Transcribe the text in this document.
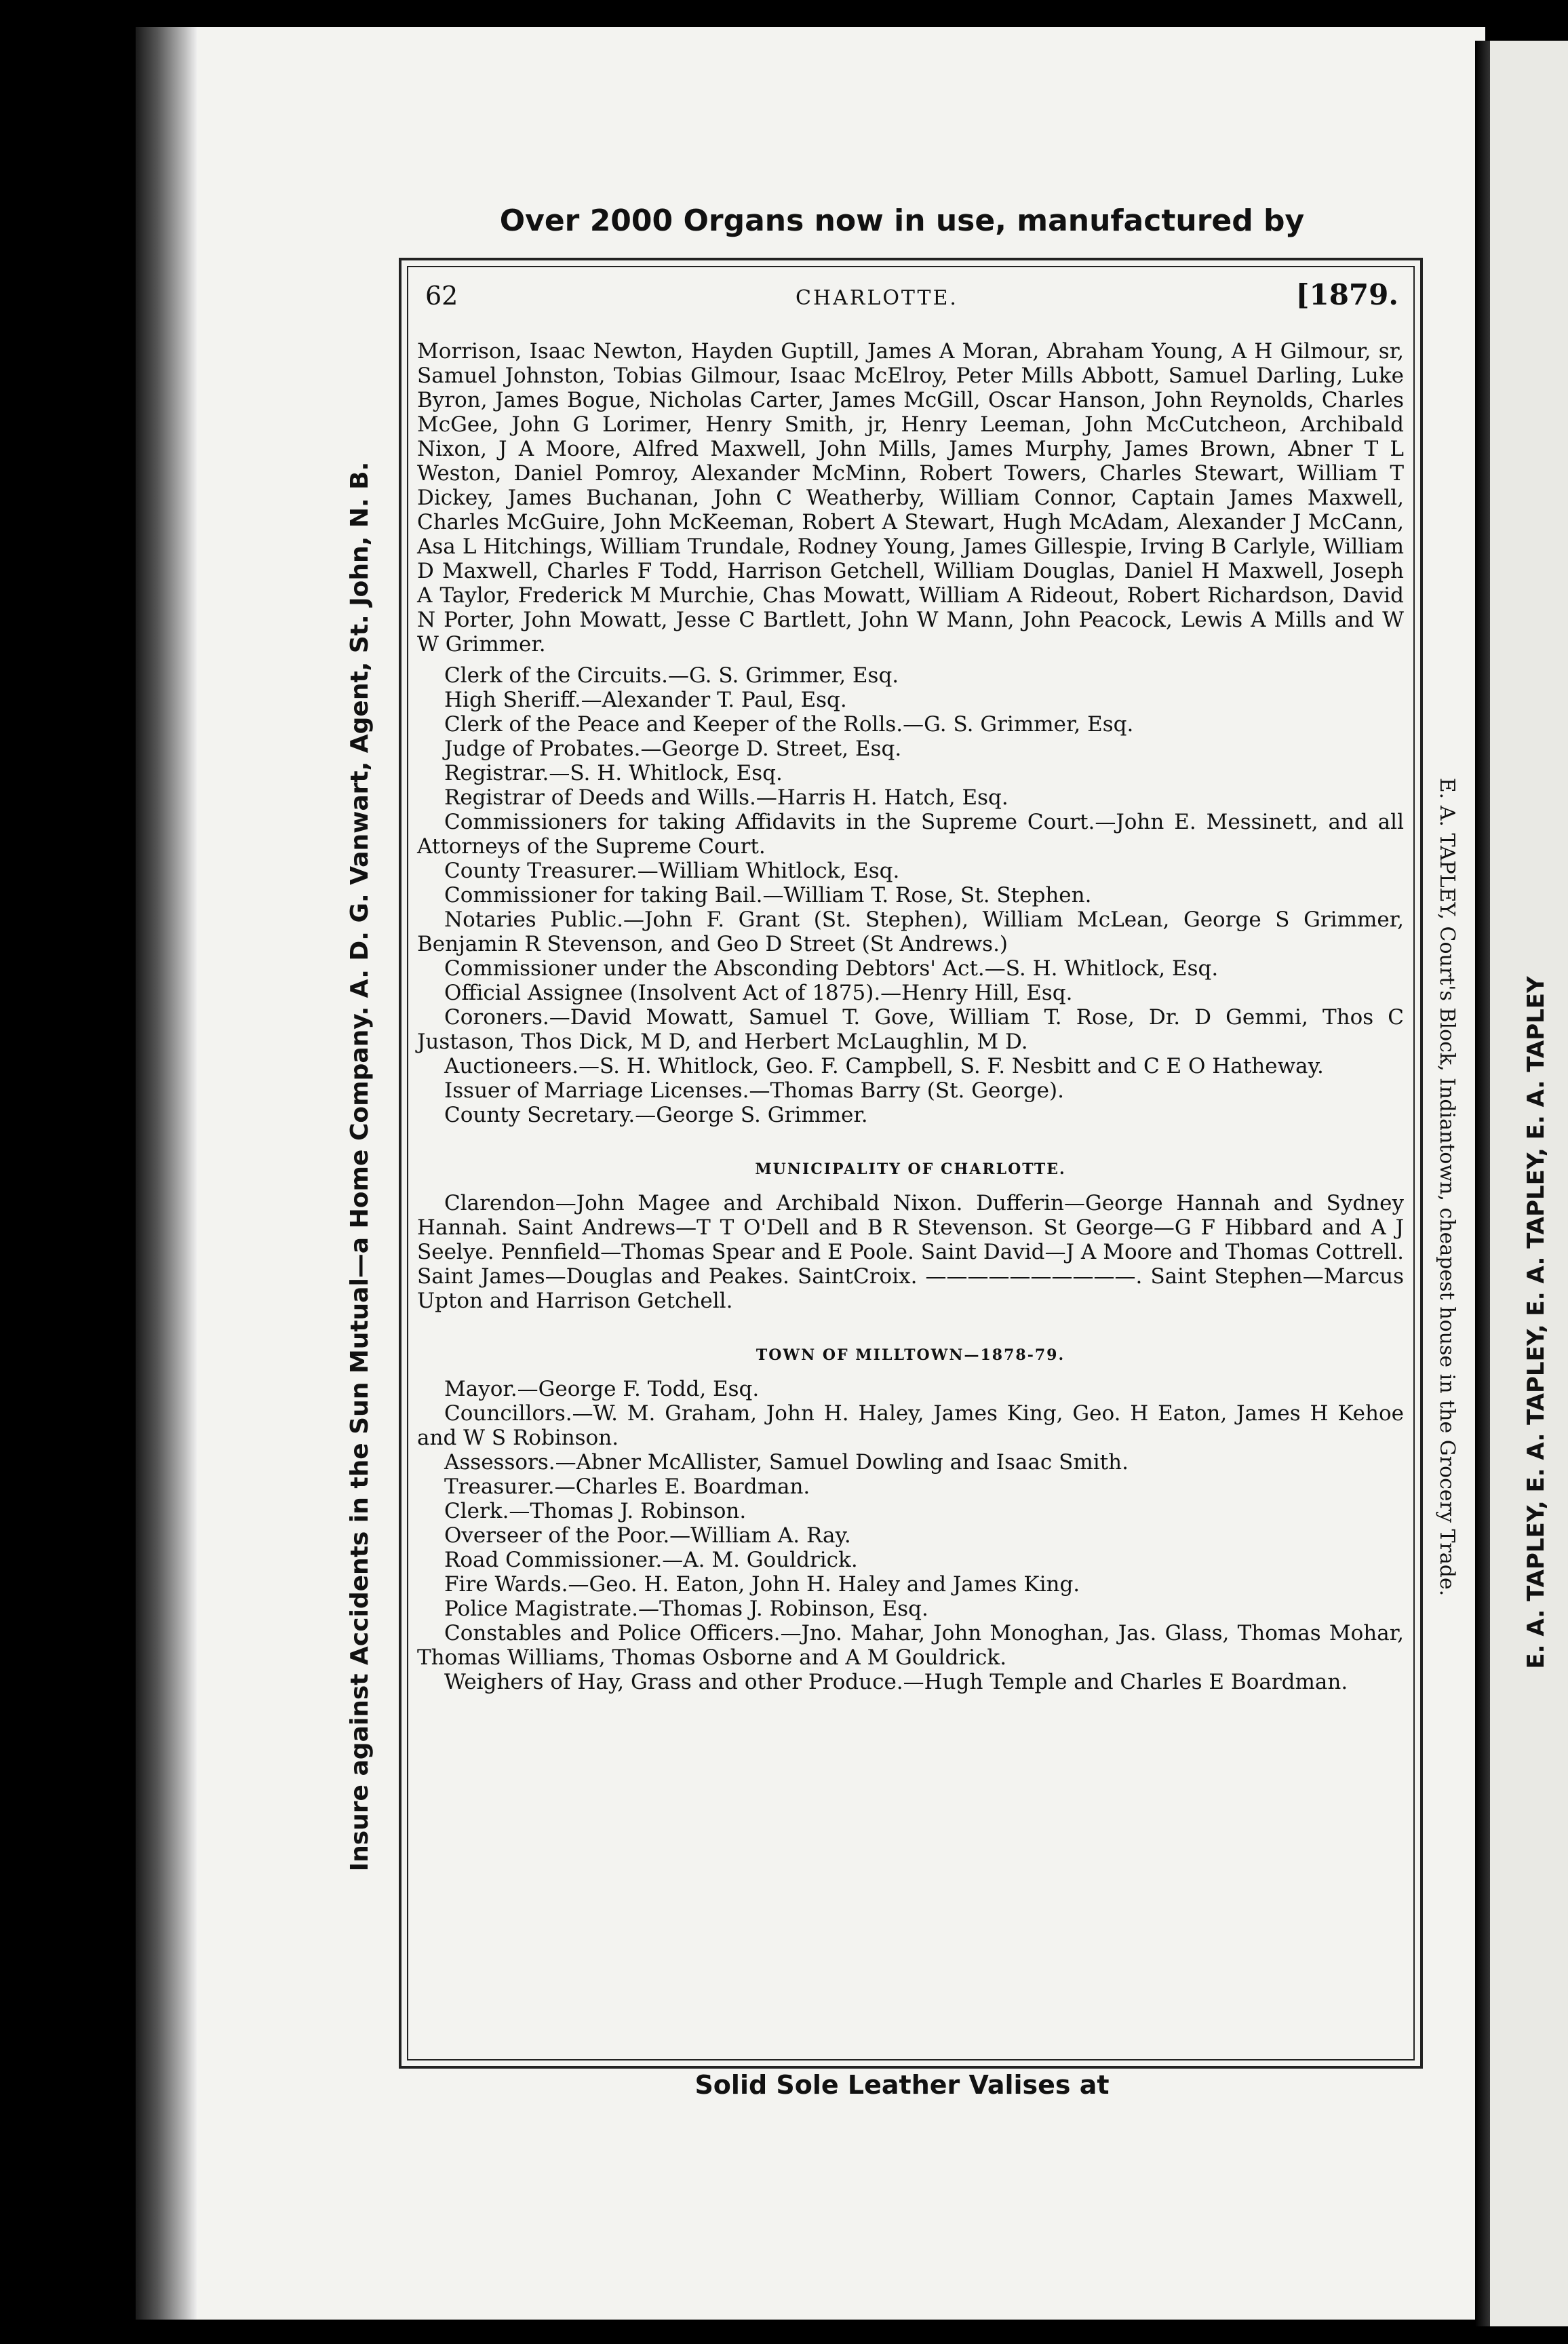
Over 2000 Organs now in use, manufactured by
Insure against Accidents in the Sun Mutual—a Home Company. A. D. G. Vanwart, Agent, St. John, N. B.	E. A. TAPLEY, Court's Block, Indiantown, cheapest house in the Grocery Trade.	E. A. TAPLEY, E. A. TAPLEY, E. A. TAPLEY, E. A. TAPLEY
62	CHARLOTTE.	[1879.

Morrison, Isaac Newton, Hayden Guptill, James A Moran, Abraham Young, A H Gilmour, sr, Samuel Johnston, Tobias Gilmour, Isaac McElroy, Peter Mills Abbott, Samuel Darling, Luke Byron, James Bogue, Nicholas Carter, James McGill, Oscar Hanson, John Reynolds, Charles McGee, John G Lorimer, Henry Smith, jr, Henry Leeman, John McCutcheon, Archibald Nixon, J A Moore, Alfred Maxwell, John Mills, James Murphy, James Brown, Abner T L Weston, Daniel Pomroy, Alexander McMinn, Robert Towers, Charles Stewart, William T Dickey, James Buchanan, John C Weatherby, William Connor, Captain James Maxwell, Charles McGuire, John McKeeman, Robert A Stewart, Hugh McAdam, Alexander J McCann, Asa L Hitchings, William Trundale, Rodney Young, James Gillespie, Irving B Carlyle, William D Maxwell, Charles F Todd, Harrison Getchell, William Douglas, Daniel H Maxwell, Joseph A Taylor, Frederick M Murchie, Chas Mowatt, William A Rideout, Robert Richardson, David N Porter, John Mowatt, Jesse C Bartlett, John W Mann, John Peacock, Lewis A Mills and W W Grimmer.

Clerk of the Circuits.—G. S. Grimmer, Esq.

High Sheriff.—Alexander T. Paul, Esq.

Clerk of the Peace and Keeper of the Rolls.—G. S. Grimmer, Esq.

Judge of Probates.—George D. Street, Esq.

Registrar.—S. H. Whitlock, Esq.

Registrar of Deeds and Wills.—Harris H. Hatch, Esq.

Commissioners for taking Affidavits in the Supreme Court.—John E. Messinett, and all Attorneys of the Supreme Court.

County Treasurer.—William Whitlock, Esq.

Commissioner for taking Bail.—William T. Rose, St. Stephen.

Notaries Public.—John F. Grant (St. Stephen), William McLean, George S Grimmer, Benjamin R Stevenson, and Geo D Street (St Andrews.)

Commissioner under the Absconding Debtors' Act.—S. H. Whitlock, Esq.

Official Assignee (Insolvent Act of 1875).—Henry Hill, Esq.

Coroners.—David Mowatt, Samuel T. Gove, William T. Rose, Dr. D Gemmi, Thos C Justason, Thos Dick, M D, and Herbert McLaughlin, M D.

Auctioneers.—S. H. Whitlock, Geo. F. Campbell, S. F. Nesbitt and C E O Hatheway.

Issuer of Marriage Licenses.—Thomas Barry (St. George).

County Secretary.—George S. Grimmer.

MUNICIPALITY OF CHARLOTTE.

Clarendon—John Magee and Archibald Nixon. Dufferin—George Hannah and Sydney Hannah. Saint Andrews—T T O'Dell and B R Stevenson. St George—G F Hibbard and A J Seelye. Pennfield—Thomas Spear and E Poole. Saint David—J A Moore and Thomas Cottrell. Saint James—Douglas and Peakes. SaintCroix. ——————————. Saint Stephen—Marcus Upton and Harrison Getchell.

TOWN OF MILLTOWN—1878-79.

Mayor.—George F. Todd, Esq.

Councillors.—W. M. Graham, John H. Haley, James King, Geo. H Eaton, James H Kehoe and W S Robinson.

Assessors.—Abner McAllister, Samuel Dowling and Isaac Smith.

Treasurer.—Charles E. Boardman.

Clerk.—Thomas J. Robinson.

Overseer of the Poor.—William A. Ray.

Road Commissioner.—A. M. Gouldrick.

Fire Wards.—Geo. H. Eaton, John H. Haley and James King.

Police Magistrate.—Thomas J. Robinson, Esq.

Constables and Police Officers.—Jno. Mahar, John Monoghan, Jas. Glass, Thomas Mohar, Thomas Williams, Thomas Osborne and A M Gouldrick.

Weighers of Hay, Grass and other Produce.—Hugh Temple and Charles E Boardman.

Solid Sole Leather Valises at
